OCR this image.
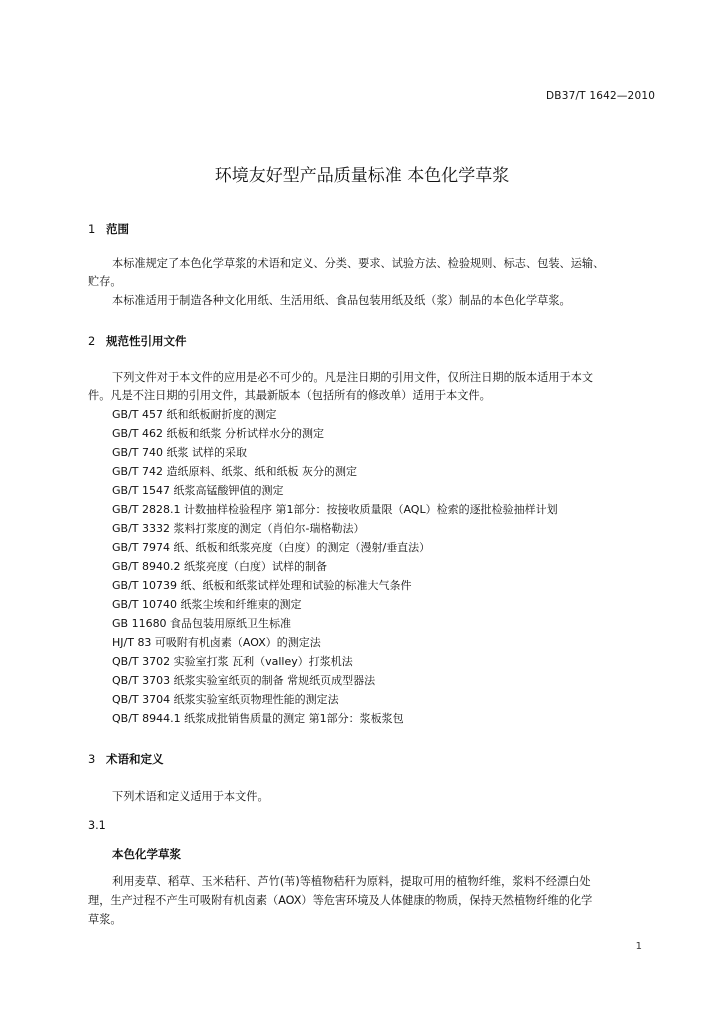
DB37/T 1642—2010
环境友好型产品质量标准 本色化学草浆
1 范围
本标准规定了本色化学草浆的术语和定义、分类、要求、试验方法、检验规则、标志、包装、运输、
贮存。
本标准适用于制造各种文化用纸、生活用纸、食品包装用纸及纸（浆）制品的本色化学草浆。
2 规范性引用文件
下列文件对于本文件的应用是必不可少的。凡是注日期的引用文件，仅所注日期的版本适用于本文
件。凡是不注日期的引用文件，其最新版本（包括所有的修改单）适用于本文件。
GB/T 457 纸和纸板耐折度的测定
GB/T 462 纸板和纸浆 分析试样水分的测定
GB/T 740 纸浆 试样的采取
GB/T 742 造纸原料、纸浆、纸和纸板 灰分的测定
GB/T 1547 纸浆高锰酸钾值的测定
GB/T 2828.1 计数抽样检验程序 第1部分：按接收质量限（AQL）检索的逐批检验抽样计划
GB/T 3332 浆料打浆度的测定（肖伯尔-瑞格勒法）
GB/T 7974 纸、纸板和纸浆亮度（白度）的测定（漫射/垂直法）
GB/T 8940.2 纸浆亮度（白度）试样的制备
GB/T 10739 纸、纸板和纸浆试样处理和试验的标准大气条件
GB/T 10740 纸浆尘埃和纤维束的测定
GB 11680 食品包装用原纸卫生标准
HJ/T 83 可吸附有机卤素（AOX）的测定法
QB/T 3702 实验室打浆 瓦利（valley）打浆机法
QB/T 3703 纸浆实验室纸页的制备 常规纸页成型器法
QB/T 3704 纸浆实验室纸页物理性能的测定法
QB/T 8944.1 纸浆成批销售质量的测定 第1部分：浆板浆包
3 术语和定义
下列术语和定义适用于本文件。
3.1
本色化学草浆
利用麦草、稻草、玉米秸秆、芦竹(苇)等植物秸秆为原料，提取可用的植物纤维，浆料不经漂白处
理，生产过程不产生可吸附有机卤素（AOX）等危害环境及人体健康的物质，保持天然植物纤维的化学
草浆。
1
